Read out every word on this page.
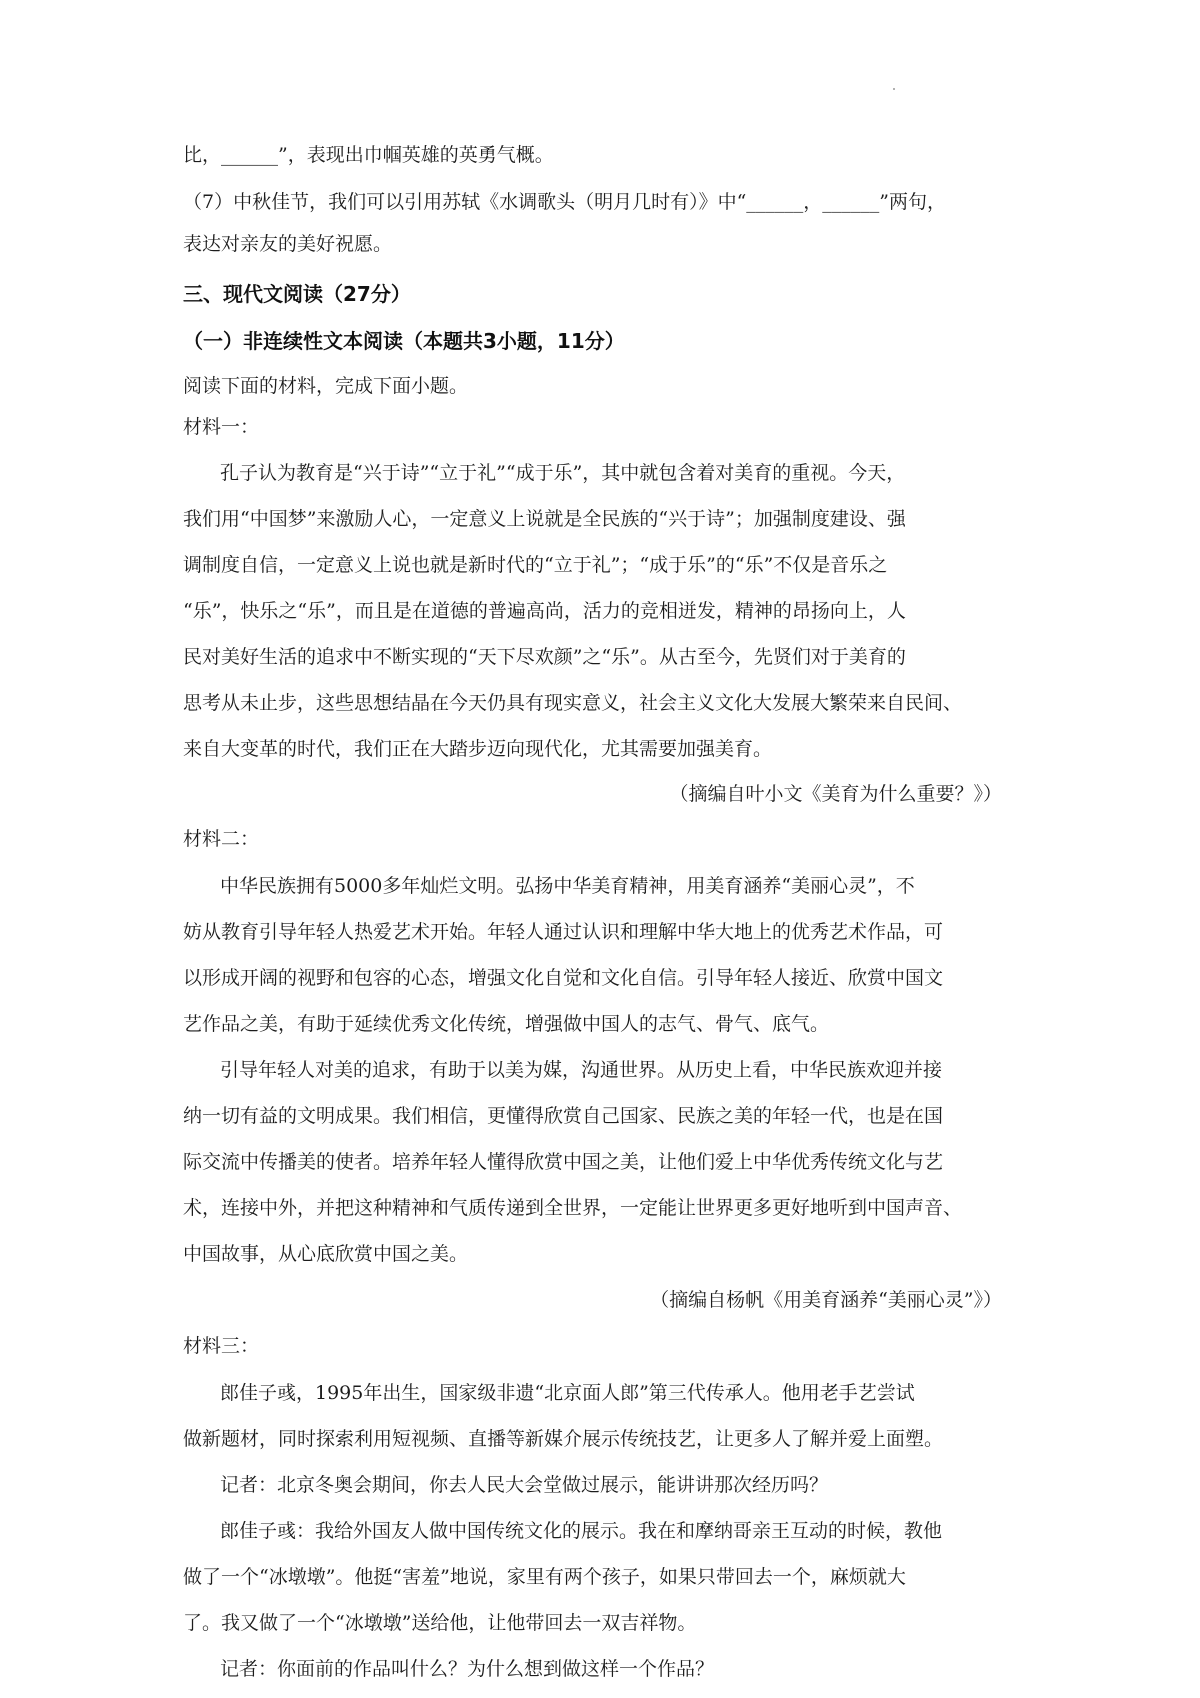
比，______”，表现出巾帼英雄的英勇气概。
（7）中秋佳节，我们可以引用苏轼《水调歌头（明月几时有）》中“______，______”两句，
表达对亲友的美好祝愿。
三、现代文阅读（27分）
（一）非连续性文本阅读（本题共3小题，11分）
阅读下面的材料，完成下面小题。
材料一：
孔子认为教育是“兴于诗”“立于礼”“成于乐”，其中就包含着对美育的重视。今天，
我们用“中国梦”来激励人心，一定意义上说就是全民族的“兴于诗”；加强制度建设、强
调制度自信，一定意义上说也就是新时代的“立于礼”；“成于乐”的“乐”不仅是音乐之
“乐”，快乐之“乐”，而且是在道德的普遍高尚，活力的竞相迸发，精神的昂扬向上，人
民对美好生活的追求中不断实现的“天下尽欢颜”之“乐”。从古至今，先贤们对于美育的
思考从未止步，这些思想结晶在今天仍具有现实意义，社会主义文化大发展大繁荣来自民间、
来自大变革的时代，我们正在大踏步迈向现代化，尤其需要加强美育。
（摘编自叶小文《美育为什么重要？》）
材料二：
中华民族拥有5000多年灿烂文明。弘扬中华美育精神，用美育涵养“美丽心灵”，不
妨从教育引导年轻人热爱艺术开始。年轻人通过认识和理解中华大地上的优秀艺术作品，可
以形成开阔的视野和包容的心态，增强文化自觉和文化自信。引导年轻人接近、欣赏中国文
艺作品之美，有助于延续优秀文化传统，增强做中国人的志气、骨气、底气。
引导年轻人对美的追求，有助于以美为媒，沟通世界。从历史上看，中华民族欢迎并接
纳一切有益的文明成果。我们相信，更懂得欣赏自己国家、民族之美的年轻一代，也是在国
际交流中传播美的使者。培养年轻人懂得欣赏中国之美，让他们爱上中华优秀传统文化与艺
术，连接中外，并把这种精神和气质传递到全世界，一定能让世界更多更好地听到中国声音、
中国故事，从心底欣赏中国之美。
（摘编自杨帆《用美育涵养“美丽心灵”》）
材料三：
郎佳子彧，1995年出生，国家级非遗“北京面人郎”第三代传承人。他用老手艺尝试
做新题材，同时探索利用短视频、直播等新媒介展示传统技艺，让更多人了解并爱上面塑。
记者：北京冬奥会期间，你去人民大会堂做过展示，能讲讲那次经历吗？
郎佳子彧：我给外国友人做中国传统文化的展示。我在和摩纳哥亲王互动的时候，教他
做了一个“冰墩墩”。他挺“害羞”地说，家里有两个孩子，如果只带回去一个，麻烦就大
了。我又做了一个“冰墩墩”送给他，让他带回去一双吉祥物。
记者：你面前的作品叫什么？为什么想到做这样一个作品？
